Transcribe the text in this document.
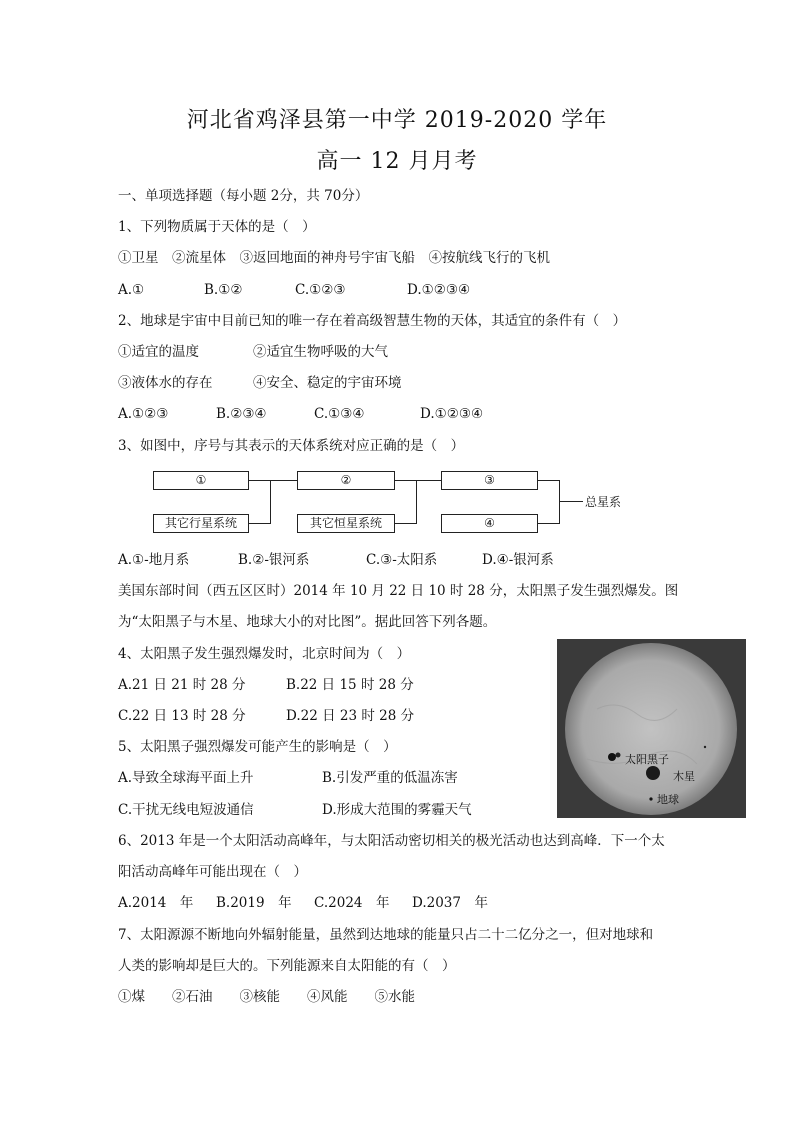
河北省鸡泽县第一中学 2019-2020 学年
高一 12 月月考
一、单项选择题（每小题 2分，共 70分）
1、下列物质属于天体的是（　）
①卫星　②流星体　③返回地面的神舟号宇宙飞船　④按航线飞行的飞机
A.①	B.①②	C.①②③	D.①②③④
2、地球是宇宙中目前已知的唯一存在着高级智慧生物的天体，其适宜的条件有（　）
①适宜的温度	②适宜生物呼吸的大气
③液体水的存在	④安全、稳定的宇宙环境
A.①②③	B.②③④	C.①③④	D.①②③④
3、如图中，序号与其表示的天体系统对应正确的是（　）
①
其它行星系统
②
其它恒星系统
③
④
总星系
A.①-地月系	B.②-银河系	C.③-太阳系	D.④-银河系
美国东部时间（西五区区时）2014 年 10 月 22 日 10 时 28 分，太阳黑子发生强烈爆发。图
为“太阳黑子与木星、地球大小的对比图”。据此回答下列各题。
太阳黑子
木星
地球
4、太阳黑子发生强烈爆发时，北京时间为（　）
A.21 日 21 时 28 分	B.22 日 15 时 28 分
C.22 日 13 时 28 分	D.22 日 23 时 28 分
5、太阳黑子强烈爆发可能产生的影响是（　）
A.导致全球海平面上升	B.引发严重的低温冻害
C.干扰无线电短波通信	D.形成大范围的雾霾天气
6、2013 年是一个太阳活动高峰年，与太阳活动密切相关的极光活动也达到高峰．下一个太
阳活动高峰年可能出现在（　）
A.2014　年 B.2019　年 C.2024　年 D.2037　年
7、太阳源源不断地向外辐射能量，虽然到达地球的能量只占二十二亿分之一，但对地球和
人类的影响却是巨大的。下列能源来自太阳能的有（　）
①煤　　②石油　　③核能　　④风能　　⑤水能
